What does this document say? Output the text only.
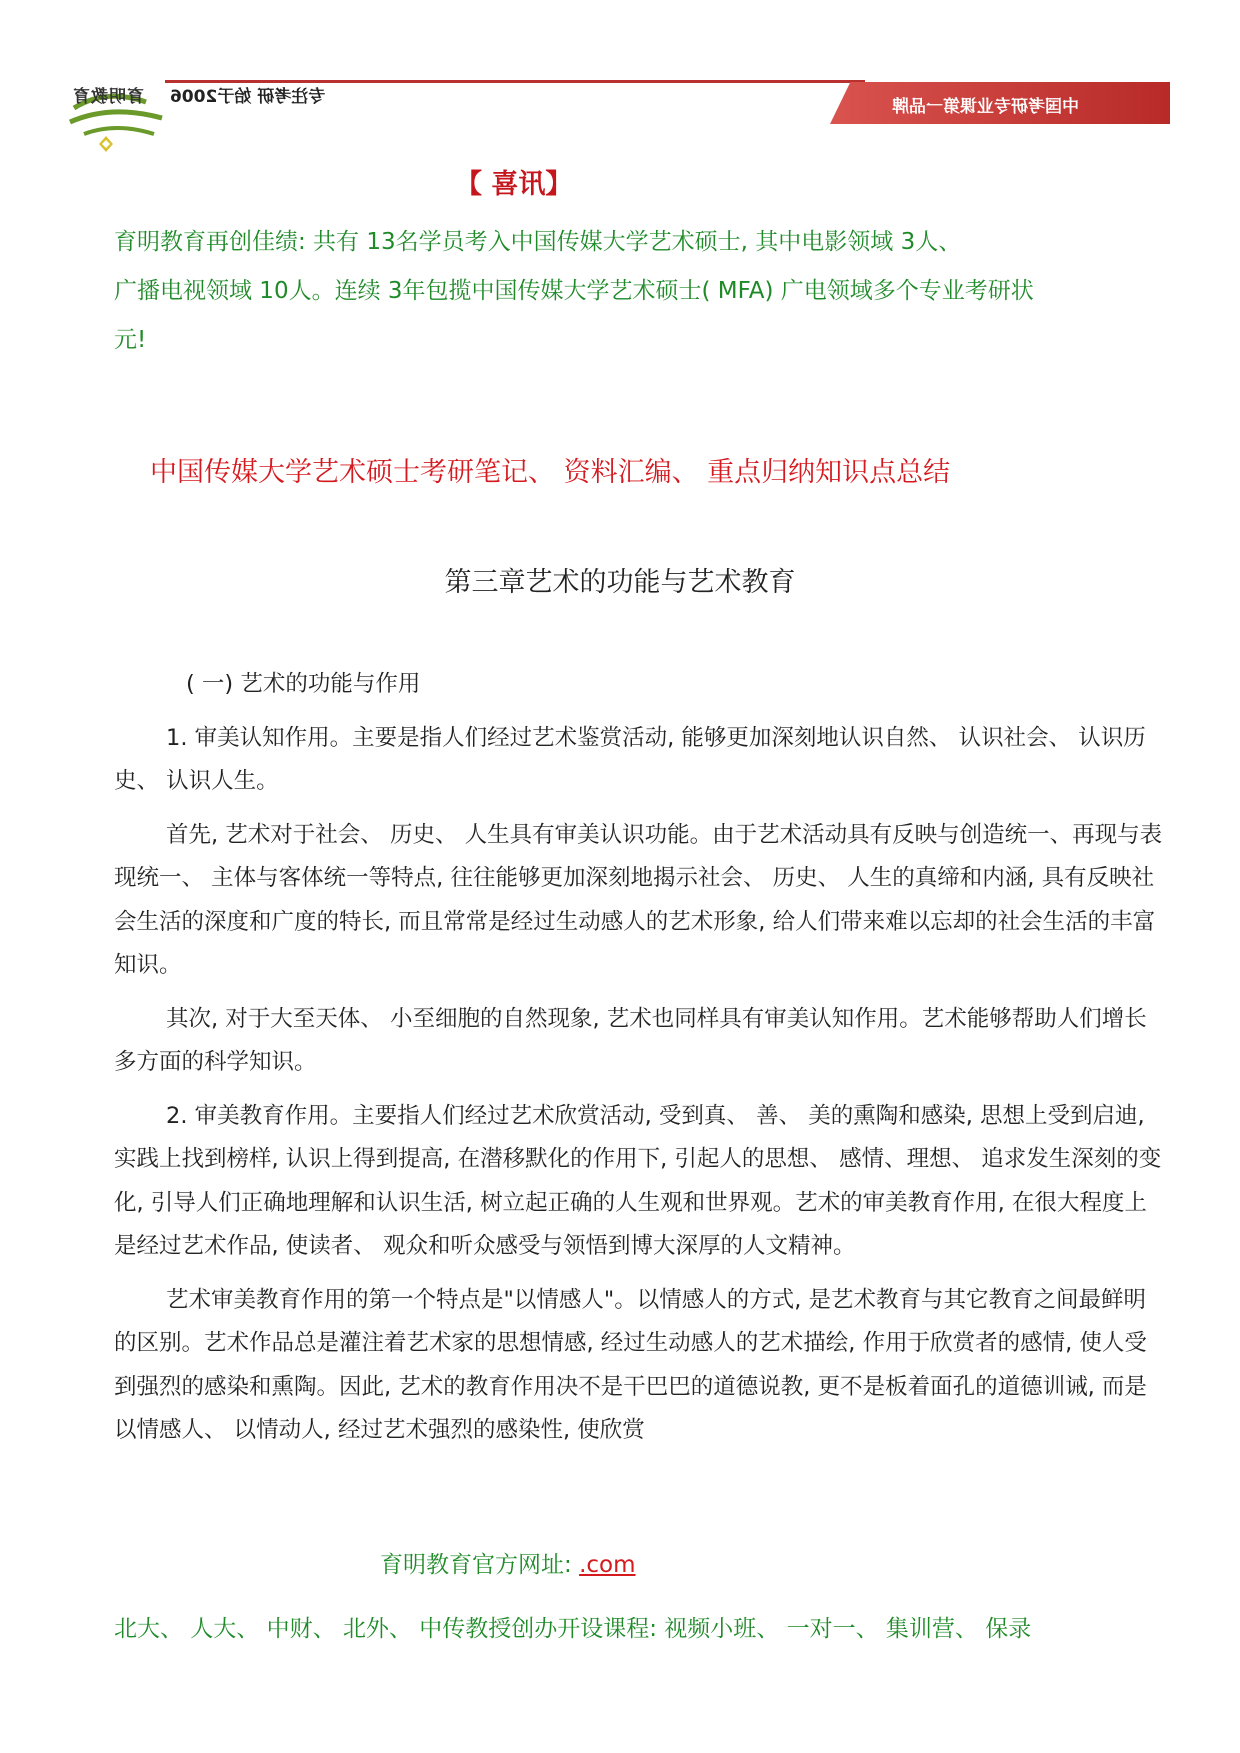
育明教育 专注考研 始于2006	中国考研专业课第一品牌
【 喜讯】

育明教育再创佳绩: 共有 13名学员考入中国传媒大学艺术硕士, 其中电影领域 3人、

广播电视领域 10人。连续 3年包揽中国传媒大学艺术硕士( MFA) 广电领域多个专业考研状

元!

中国传媒大学艺术硕士考研笔记、 资料汇编、 重点归纳知识点总结
第三章艺术的功能与艺术教育

( 一) 艺术的功能与作用

1. 审美认知作用。主要是指人们经过艺术鉴赏活动, 能够更加深刻地认识自然、 认识社会、 认识历史、 认识人生。

首先, 艺术对于社会、 历史、 人生具有审美认识功能。由于艺术活动具有反映与创造统一、再现与表现统一、 主体与客体统一等特点, 往往能够更加深刻地揭示社会、 历史、 人生的真缔和内涵, 具有反映社会生活的深度和广度的特长, 而且常常是经过生动感人的艺术形象, 给人们带来难以忘却的社会生活的丰富知识。

其次, 对于大至天体、 小至细胞的自然现象, 艺术也同样具有审美认知作用。艺术能够帮助人们增长多方面的科学知识。

2. 审美教育作用。主要指人们经过艺术欣赏活动, 受到真、 善、 美的熏陶和感染, 思想上受到启迪, 实践上找到榜样, 认识上得到提高, 在潜移默化的作用下, 引起人的思想、 感情、理想、 追求发生深刻的变化, 引导人们正确地理解和认识生活, 树立起正确的人生观和世界观。艺术的审美教育作用, 在很大程度上是经过艺术作品, 使读者、 观众和听众感受与领悟到博大深厚的人文精神。

艺术审美教育作用的第一个特点是"以情感人"。以情感人的方式, 是艺术教育与其它教育之间最鲜明的区别。艺术作品总是灌注着艺术家的思想情感, 经过生动感人的艺术描绘, 作用于欣赏者的感情, 使人受到强烈的感染和熏陶。因此, 艺术的教育作用决不是干巴巴的道德说教, 更不是板着面孔的道德训诫, 而是以情感人、 以情动人, 经过艺术强烈的感染性, 使欣赏

育明教育官方网址: .com
北大、 人大、 中财、 北外、 中传教授创办开设课程: 视频小班、 一对一、 集训营、 保录
